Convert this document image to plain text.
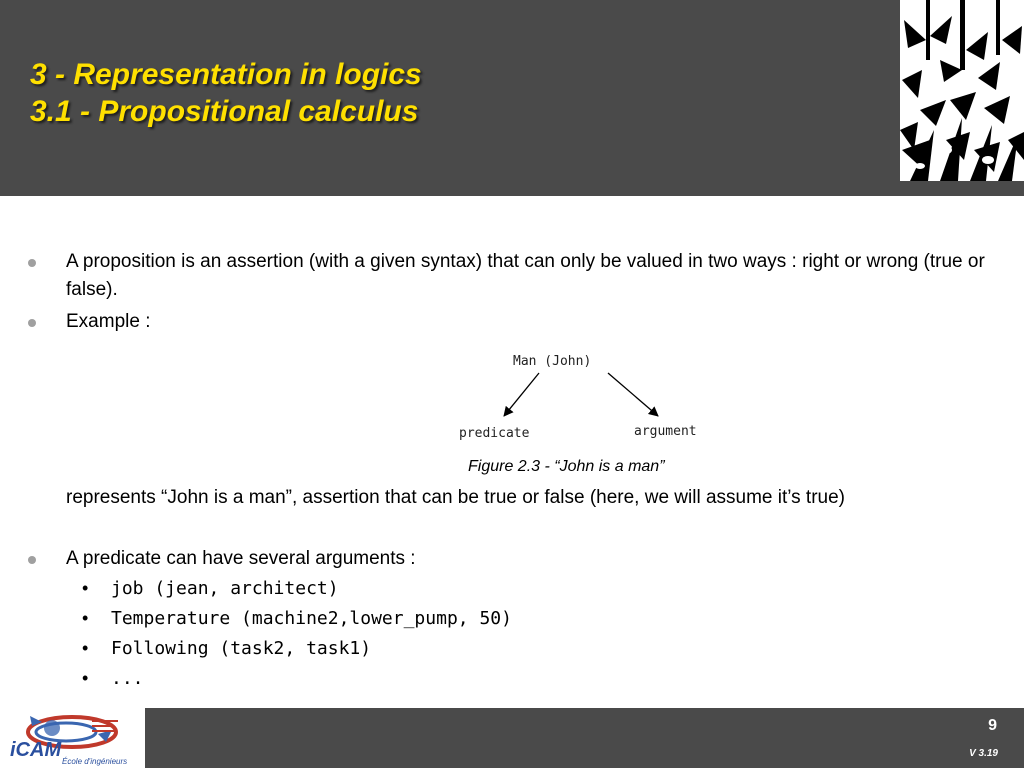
3 - Representation in logics
3.1 - Propositional calculus

A proposition is an assertion (with a given syntax) that can only be valued in two ways : right or wrong (true or false).

Example :

Man (John)
predicate	argument

Figure 2.3 - “John is a man”

represents “John is a man”, assertion that can be true or false (here, we will assume it’s true)

A predicate can have several arguments :

• job (jean, architect)
• Temperature (machine2,lower_pump, 50)
• Following (task2, task1)
• ...
iCAM
École d'ingénieurs
9
V 3.19
